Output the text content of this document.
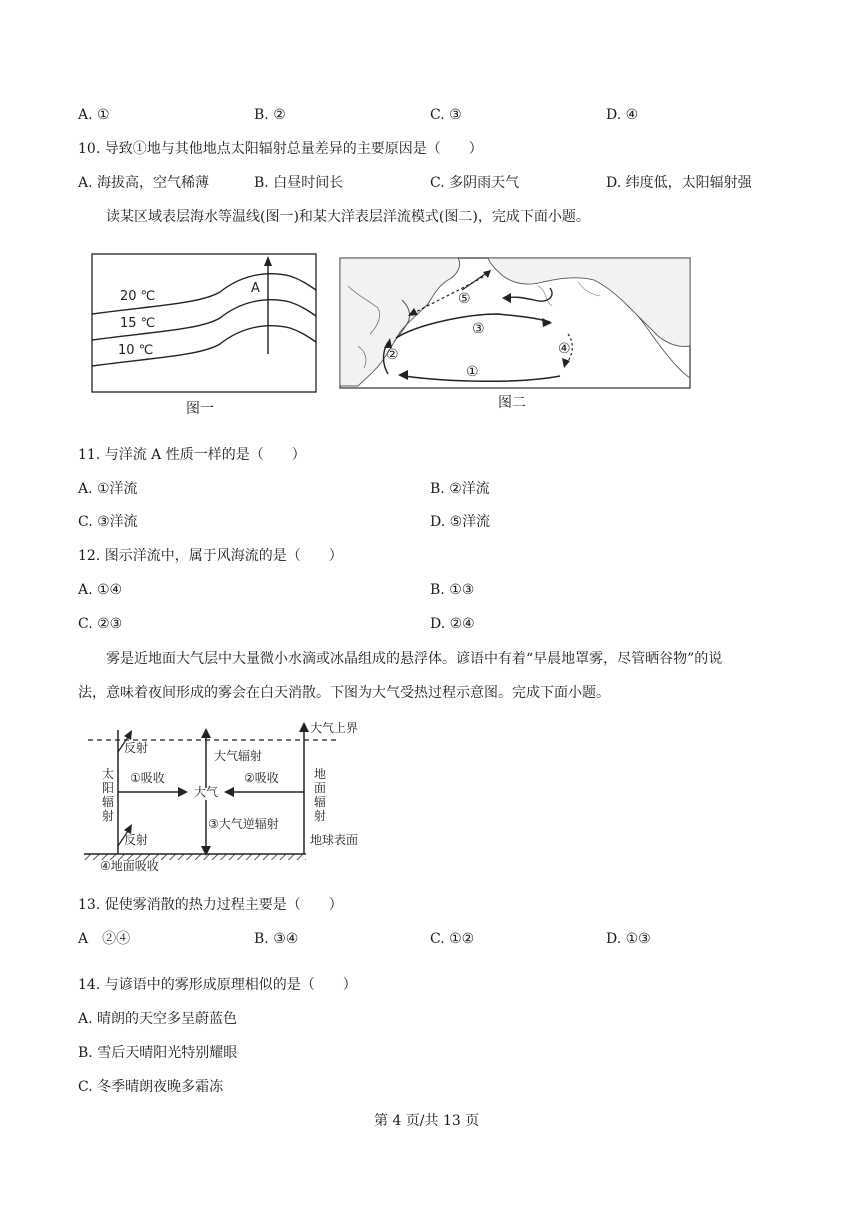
A. ①	B. ②	C. ③	D. ④
10. 导致①地与其他地点太阳辐射总量差异的主要原因是（　　）
A. 海拔高，空气稀薄	B. 白昼时间长	C. 多阴雨天气	D. 纬度低，太阳辐射强
读某区域表层海水等温线(图一)和某大洋表层洋流模式(图二)，完成下面小题。
20 ℃
15 ℃
10 ℃
A
图一
⑤
③
②	④
①
图二
11. 与洋流 A 性质一样的是（　　）
A. ①洋流	B. ②洋流
C. ③洋流	D. ⑤洋流
12. 图示洋流中，属于风海流的是（　　）
A. ①④	B. ①③
C. ②③	D. ②④
雾是近地面大气层中大量微小水滴或冰晶组成的悬浮体。谚语中有着“早晨地罩雾，尽管晒谷物”的说
法，意味着夜间形成的雾会在白天消散。下图为大气受热过程示意图。完成下面小题。
大气上界
太
阳
辐
射
反射
①吸收
大气辐射
大气
②吸收
反射
③大气逆辐射
地
面
辐
射
地球表面
④地面吸收
13. 促使雾消散的热力过程主要是（　　）
A　②④	B. ③④	C. ①②	D. ①③
14. 与谚语中的雾形成原理相似的是（　　）
A. 晴朗的天空多呈蔚蓝色
B. 雪后天晴阳光特别耀眼
C. 冬季晴朗夜晚多霜冻
第 4 页/共 13 页
